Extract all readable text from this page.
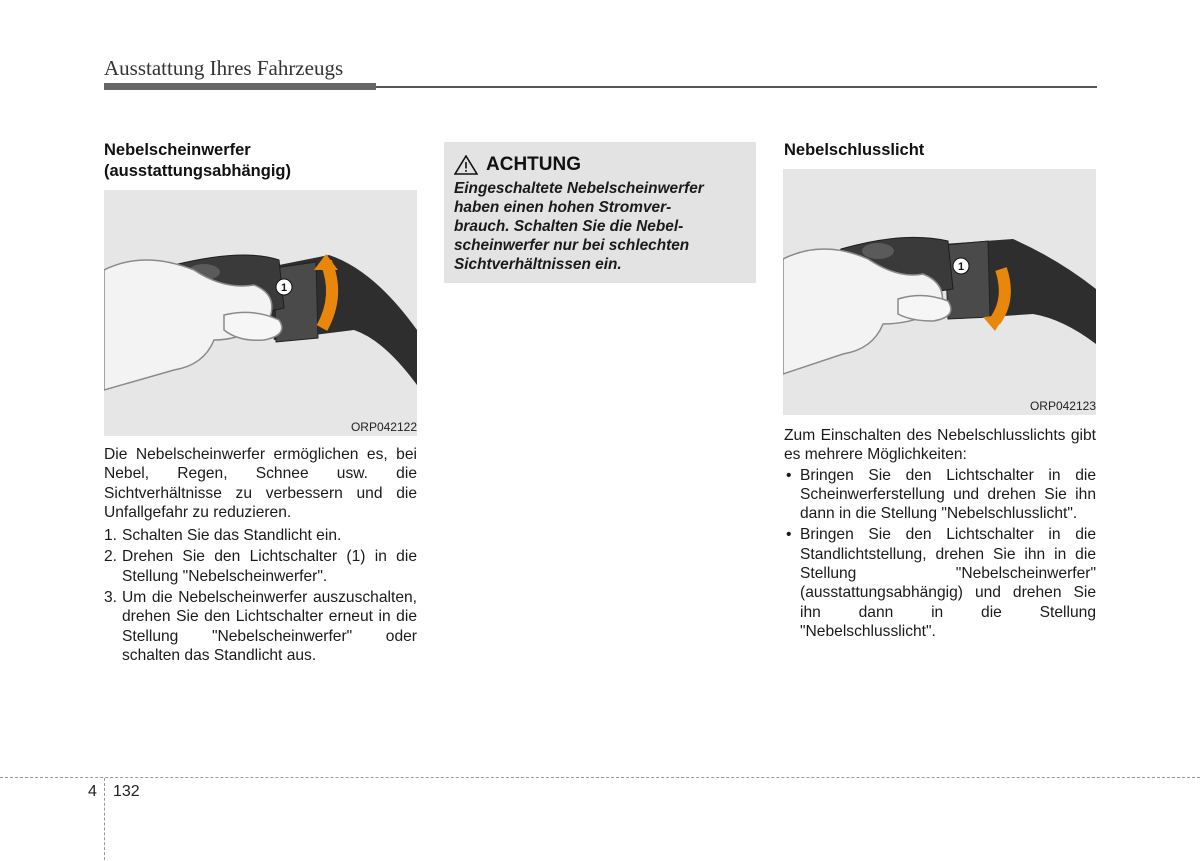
Ausstattung Ihres Fahrzeugs
Nebelscheinwerfer
(ausstattungsabhängig)
1
ORP042122

Die Nebelscheinwerfer ermöglichen es, bei Nebel, Regen, Schnee usw. die Sichtverhältnisse zu verbessern und die Unfallgefahr zu reduzieren.

1. Schalten Sie das Standlicht ein.
2. Drehen Sie den Lichtschalter (1) in die Stellung "Nebelscheinwerfer".
3. Um die Nebelscheinwerfer auszuschalten, drehen Sie den Lichtschalter erneut in die Stellung "Nebelscheinwerfer" oder schalten das Standlicht aus.
ACHTUNG
Eingeschaltete Nebelscheinwerfer
haben einen hohen Stromver-
brauch. Schalten Sie die Nebel-
scheinwerfer nur bei schlechten
Sichtverhältnissen ein.
Nebelschlusslicht
1
ORP042123

Zum Einschalten des Nebelschlusslichts gibt es mehrere Möglichkeiten:

• Bringen Sie den Lichtschalter in die Scheinwerferstellung und drehen Sie ihn dann in die Stellung "Nebelschlusslicht".
• Bringen Sie den Lichtschalter in die Standlichtstellung, drehen Sie ihn in die Stellung "Nebelscheinwerfer" (ausstattungsabhängig) und drehen Sie ihn dann in die Stellung "Nebelschlusslicht".
4 132
